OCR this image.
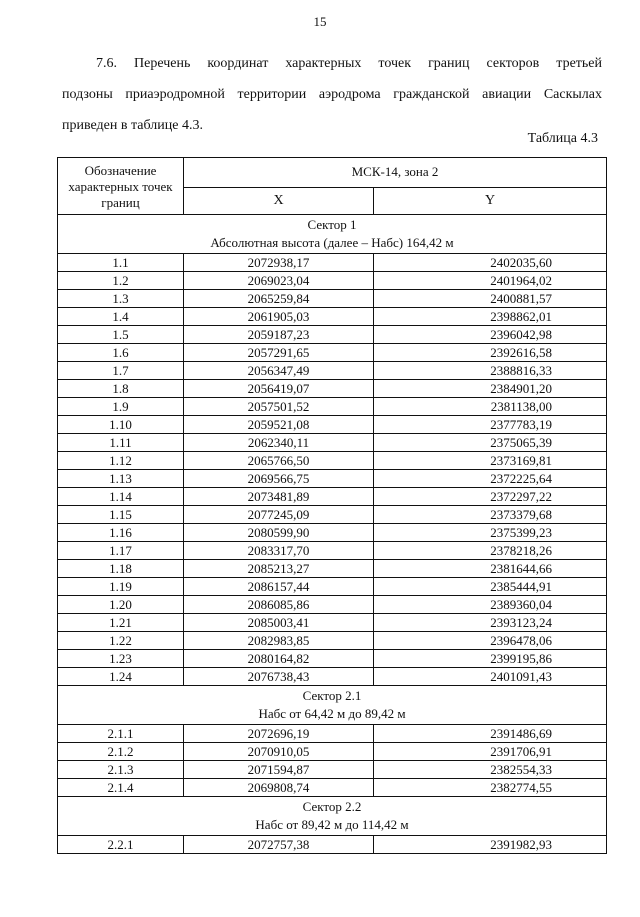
15
7.6. Перечень координат характерных точек границ секторов третьей
подзоны приаэродромной территории аэродрома гражданской авиации Саскылах
приведен в таблице 4.3.
Таблица 4.3
Обозначение характерных точек границ	МСК-14, зона 2	
	X	Y

Сектор 1
Абсолютная высота (далее – Набс) 164,42 м		

1.1	2072938,17	2402035,60
1.2	2069023,04	2401964,02
1.3	2065259,84	2400881,57
1.4	2061905,03	2398862,01
1.5	2059187,23	2396042,98
1.6	2057291,65	2392616,58
1.7	2056347,49	2388816,33
1.8	2056419,07	2384901,20
1.9	2057501,52	2381138,00
1.10	2059521,08	2377783,19
1.11	2062340,11	2375065,39
1.12	2065766,50	2373169,81
1.13	2069566,75	2372225,64
1.14	2073481,89	2372297,22
1.15	2077245,09	2373379,68
1.16	2080599,90	2375399,23
1.17	2083317,70	2378218,26
1.18	2085213,27	2381644,66
1.19	2086157,44	2385444,91
1.20	2086085,86	2389360,04
1.21	2085003,41	2393123,24
1.22	2082983,85	2396478,06
1.23	2080164,82	2399195,86
1.24	2076738,43	2401091,43

Сектор 2.1
Набс от 64,42 м до 89,42 м		

2.1.1	2072696,19	2391486,69
2.1.2	2070910,05	2391706,91
2.1.3	2071594,87	2382554,33
2.1.4	2069808,74	2382774,55

Сектор 2.2
Набс от 89,42 м до 114,42 м		

2.2.1	2072757,38	2391982,93
